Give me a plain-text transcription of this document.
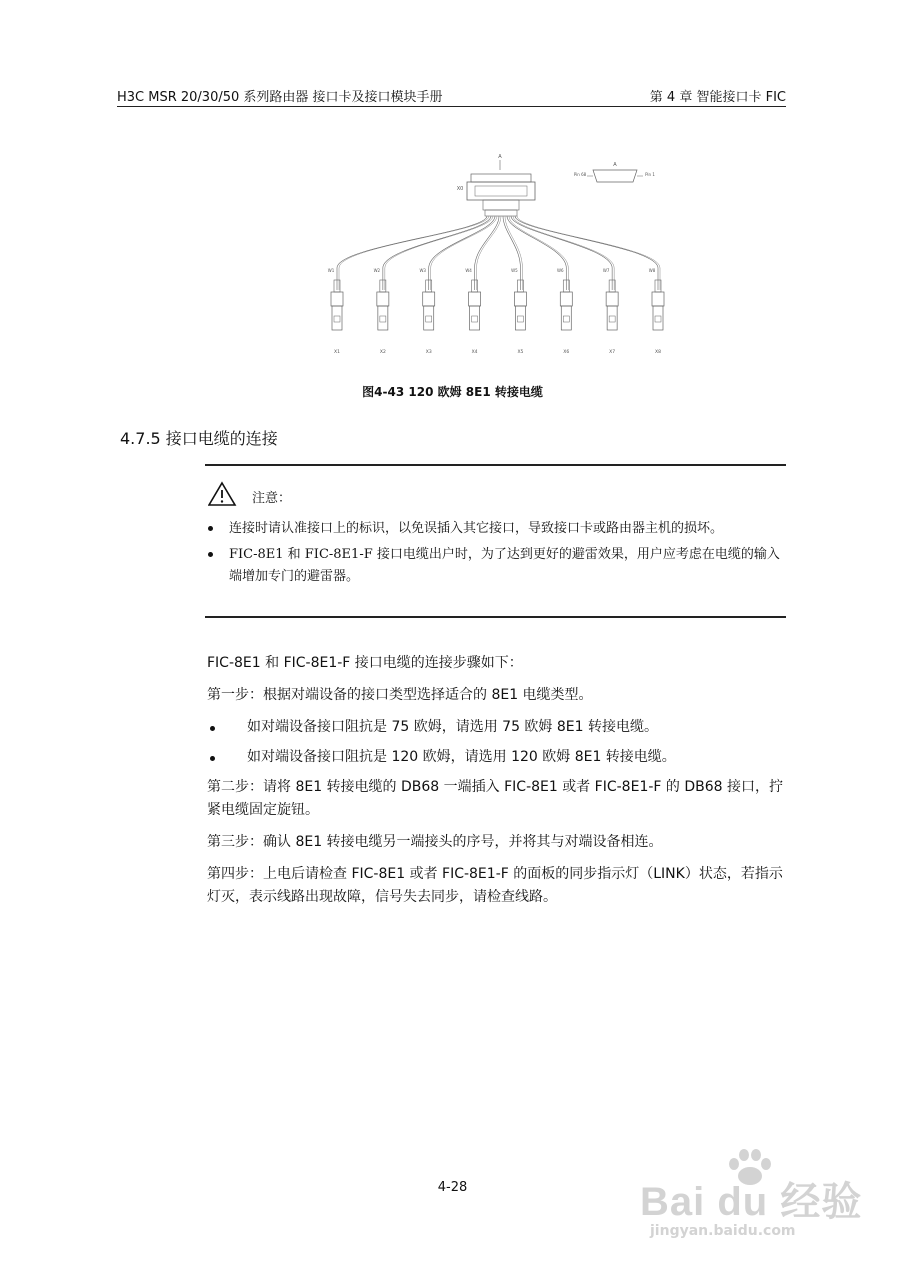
H3C MSR 20/30/50 系列路由器 接口卡及接口模块手册	第 4 章 智能接口卡 FIC
A
X0
A
Pin 68	Pin 1
W1
X1
W2
X2
W3
X3
W4
X4
W5
X5
W6
X6
W7
X7
W8
X8
图4-43 120 欧姆 8E1 转接电缆
4.7.5 接口电缆的连接
注意：
连接时请认准接口上的标识，以免误插入其它接口，导致接口卡或路由器主机的损坏。
FIC-8E1 和 FIC-8E1-F 接口电缆出户时，为了达到更好的避雷效果，用户应考虑在电缆的输入端增加专门的避雷器。

FIC-8E1 和 FIC-8E1-F 接口电缆的连接步骤如下：

第一步：根据对端设备的接口类型选择适合的 8E1 电缆类型。

如对端设备接口阻抗是 75 欧姆，请选用 75 欧姆 8E1 转接电缆。
如对端设备接口阻抗是 120 欧姆，请选用 120 欧姆 8E1 转接电缆。

第二步：请将 8E1 转接电缆的 DB68 一端插入 FIC-8E1 或者 FIC-8E1-F 的 DB68 接口，拧紧电缆固定旋钮。

第三步：确认 8E1 转接电缆另一端接头的序号，并将其与对端设备相连。

第四步：上电后请检查 FIC-8E1 或者 FIC-8E1-F 的面板的同步指示灯（LINK）状态，若指示灯灭，表示线路出现故障，信号失去同步，请检查线路。

4-28	Bai du 经验
jingyan.baidu.com
